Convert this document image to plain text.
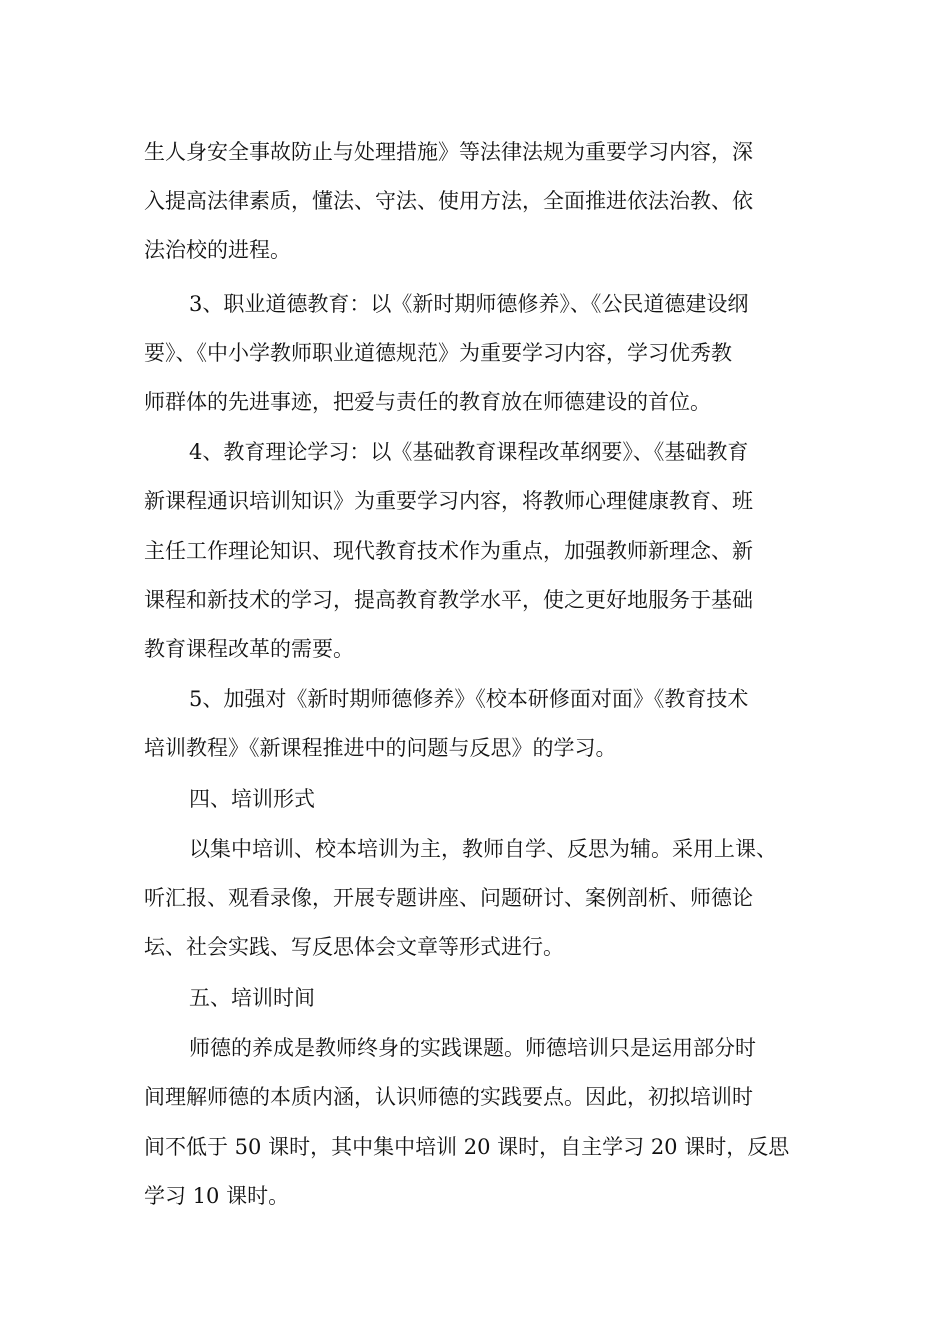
生人身安全事故防止与处理措施》等法律法规为重要学习内容，深
入提高法律素质，懂法、守法、使用方法，全面推进依法治教、依
法治校的进程。
3、职业道德教育：以《新时期师德修养》、《公民道德建设纲
要》、《中小学教师职业道德规范》为重要学习内容，学习优秀教
师群体的先进事迹，把爱与责任的教育放在师德建设的首位。
4、教育理论学习：以《基础教育课程改革纲要》、《基础教育
新课程通识培训知识》为重要学习内容，将教师心理健康教育、班
主任工作理论知识、现代教育技术作为重点，加强教师新理念、新
课程和新技术的学习，提高教育教学水平，使之更好地服务于基础
教育课程改革的需要。
5、加强对《新时期师德修养》《校本研修面对面》《教育技术
培训教程》《新课程推进中的问题与反思》的学习。
四、培训形式
以集中培训、校本培训为主，教师自学、反思为辅。采用上课、
听汇报、观看录像，开展专题讲座、问题研讨、案例剖析、师德论
坛、社会实践、写反思体会文章等形式进行。
五、培训时间
师德的养成是教师终身的实践课题。师德培训只是运用部分时
间理解师德的本质内涵，认识师德的实践要点。因此，初拟培训时
间不低于 50 课时，其中集中培训 20 课时，自主学习 20 课时，反思
学习 10 课时。
